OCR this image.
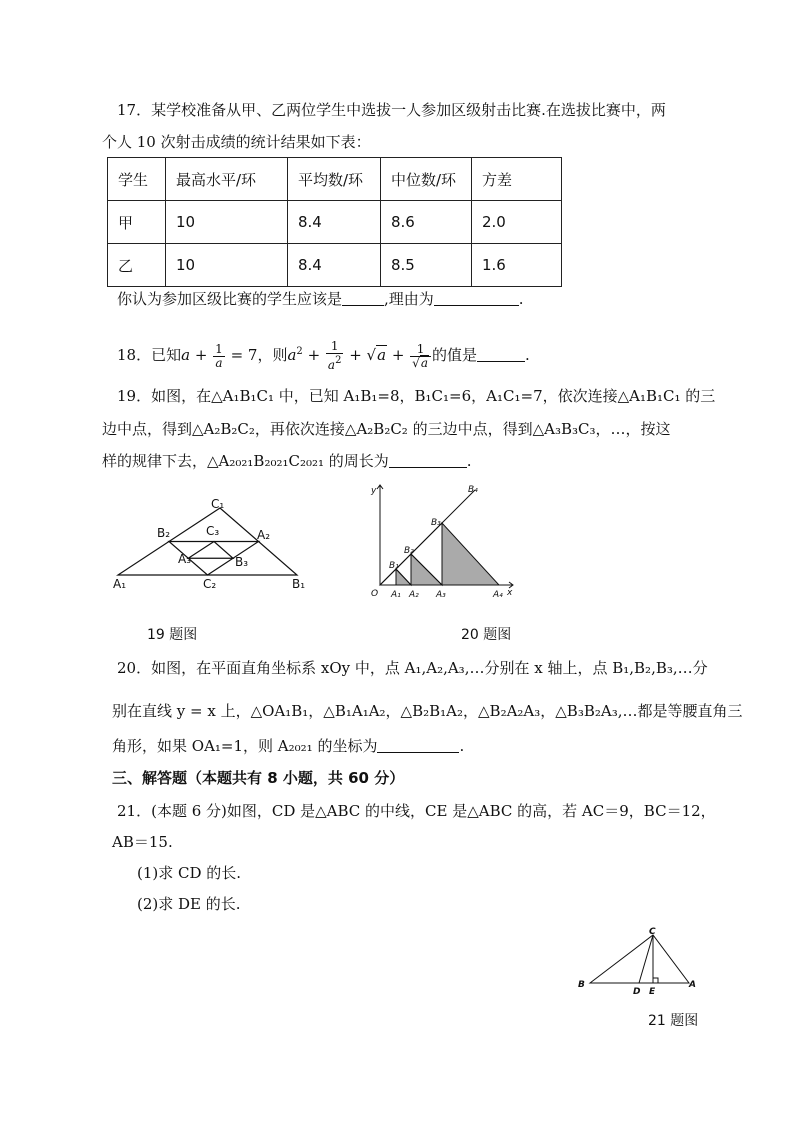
17．某学校准备从甲、乙两位学生中选拔一人参加区级射击比赛.在选拔比赛中，两
个人 10 次射击成绩的统计结果如下表：
学生	最高水平/环	平均数/环	中位数/环	方差
甲	10	8.4	8.6	2.0
乙	10	8.4	8.5	1.6
你认为参加区级比赛的学生应该是	,理由为	.
18．已知$a + \frac{1}{a} = 7$，则$a^2 + \frac{1}{a^2} + √a + \frac{1}{√a}$ 的值是	.
19．如图，在△A₁B₁C₁ 中，已知 A₁B₁=8，B₁C₁=6，A₁C₁=7，依次连接△A₁B₁C₁ 的三
边中点，得到△A₂B₂C₂，再依次连接△A₂B₂C₂ 的三边中点，得到△A₃B₃C₃，…，按这
样的规律下去，△A₂₀₂₁B₂₀₂₁C₂₀₂₁ 的周长为	.
C₁
B₂	C₃	A₂
A₃	B₃
A₁	C₂	B₁
19 题图
y
x
O
B₁
B₂
B₃
B₄
A₁ A₂ A₃	A₄
20 题图
20．如图，在平面直角坐标系 xOy 中，点 A₁,A₂,A₃,…分别在 x 轴上，点 B₁,B₂,B₃,…分
别在直线 y = x 上，△OA₁B₁，△B₁A₁A₂，△B₂B₁A₂，△B₂A₂A₃，△B₃B₂A₃,…都是等腰直角三
角形，如果 OA₁=1，则 A₂₀₂₁ 的坐标为	.
三、解答题（本题共有 8 小题，共 60 分）
21．(本题 6 分)如图，CD 是△ABC 的中线，CE 是△ABC 的高，若 AC＝9，BC＝12，
AB＝15.
(1)求 CD 的长.
(2)求 DE 的长.
C
B
D E
A
21 题图
